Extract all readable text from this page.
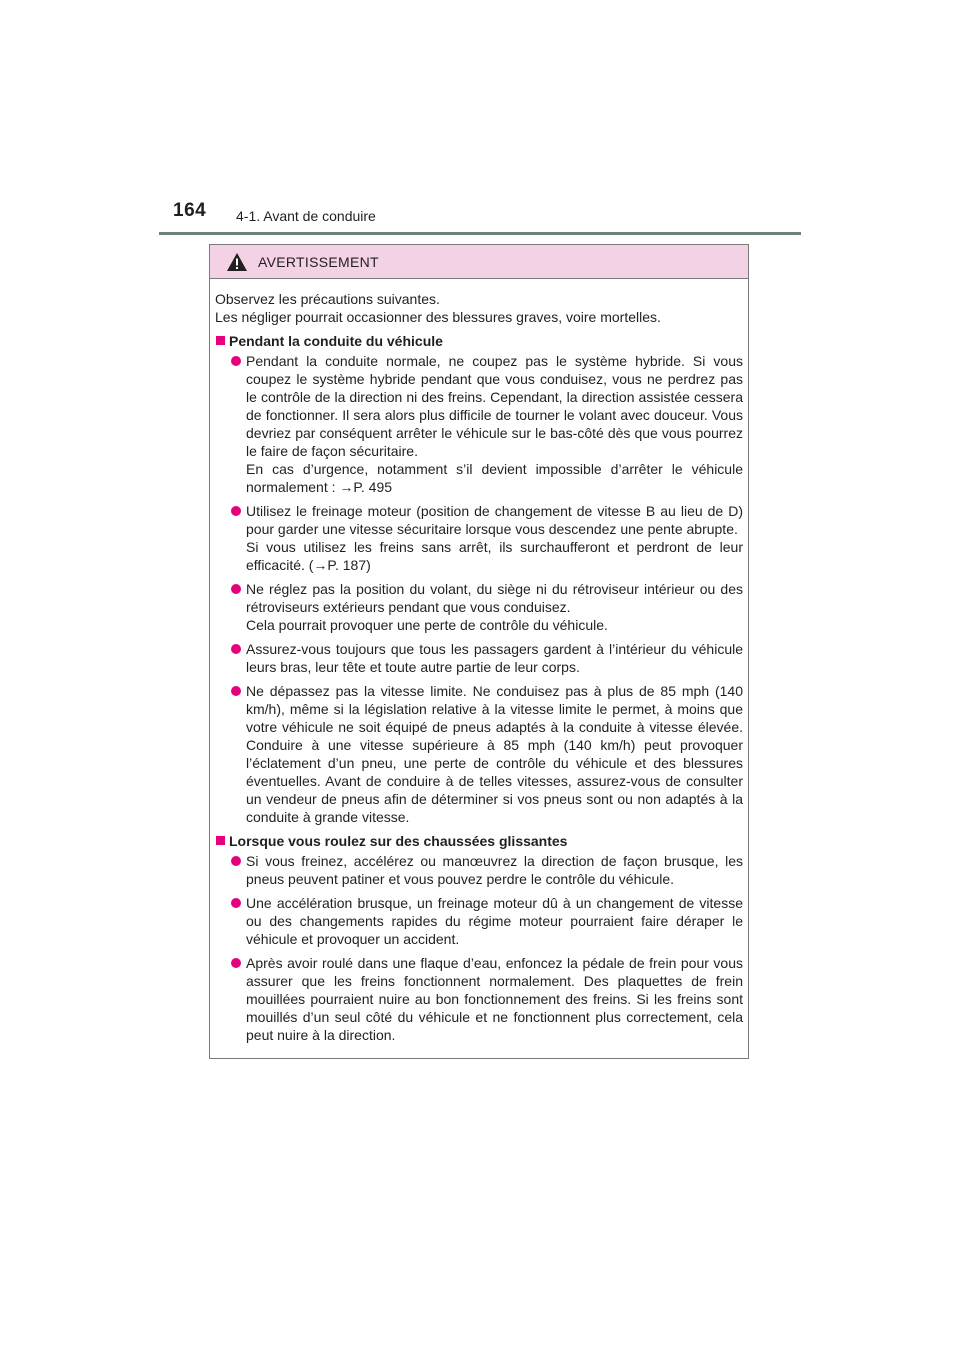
164 4-1. Avant de conduire
AVERTISSEMENT

Observez les précautions suivantes.
Les négliger pourrait occasionner des blessures graves, voire mortelles.

Pendant la conduite du véhicule

Pendant la conduite normale, ne coupez pas le système hybride. Si vous coupez le système hybride pendant que vous conduisez, vous ne perdrez pas le contrôle de la direction ni des freins. Cependant, la direction assistée cessera de fonctionner. Il sera alors plus difficile de tourner le volant avec douceur. Vous devriez par conséquent arrêter le véhicule sur le bas-côté dès que vous pourrez le faire de façon sécuritaire.

En cas d’urgence, notamment s’il devient impossible d’arrêter le véhicule normalement : →P. 495

Utilisez le freinage moteur (position de changement de vitesse B au lieu de D) pour garder une vitesse sécuritaire lorsque vous descendez une pente abrupte.

Si vous utilisez les freins sans arrêt, ils surchaufferont et perdront de leur efficacité. (→P. 187)

Ne réglez pas la position du volant, du siège ni du rétroviseur intérieur ou des rétroviseurs extérieurs pendant que vous conduisez.

Cela pourrait provoquer une perte de contrôle du véhicule.

Assurez-vous toujours que tous les passagers gardent à l’intérieur du véhicule leurs bras, leur tête et toute autre partie de leur corps.

Ne dépassez pas la vitesse limite. Ne conduisez pas à plus de 85 mph (140 km/h), même si la législation relative à la vitesse limite le permet, à moins que votre véhicule ne soit équipé de pneus adaptés à la conduite à vitesse élevée. Conduire à une vitesse supérieure à 85 mph (140 km/h) peut provoquer l’éclatement d’un pneu, une perte de contrôle du véhicule et des blessures éventuelles. Avant de conduire à de telles vitesses, assurez-vous de consulter un vendeur de pneus afin de déterminer si vos pneus sont ou non adaptés à la conduite à grande vitesse.

Lorsque vous roulez sur des chaussées glissantes

Si vous freinez, accélérez ou manœuvrez la direction de façon brusque, les pneus peuvent patiner et vous pouvez perdre le contrôle du véhicule.

Une accélération brusque, un freinage moteur dû à un changement de vitesse ou des changements rapides du régime moteur pourraient faire déraper le véhicule et provoquer un accident.

Après avoir roulé dans une flaque d’eau, enfoncez la pédale de frein pour vous assurer que les freins fonctionnent normalement. Des plaquettes de frein mouillées pourraient nuire au bon fonctionnement des freins. Si les freins sont mouillés d’un seul côté du véhicule et ne fonctionnent plus correctement, cela peut nuire à la direction.
